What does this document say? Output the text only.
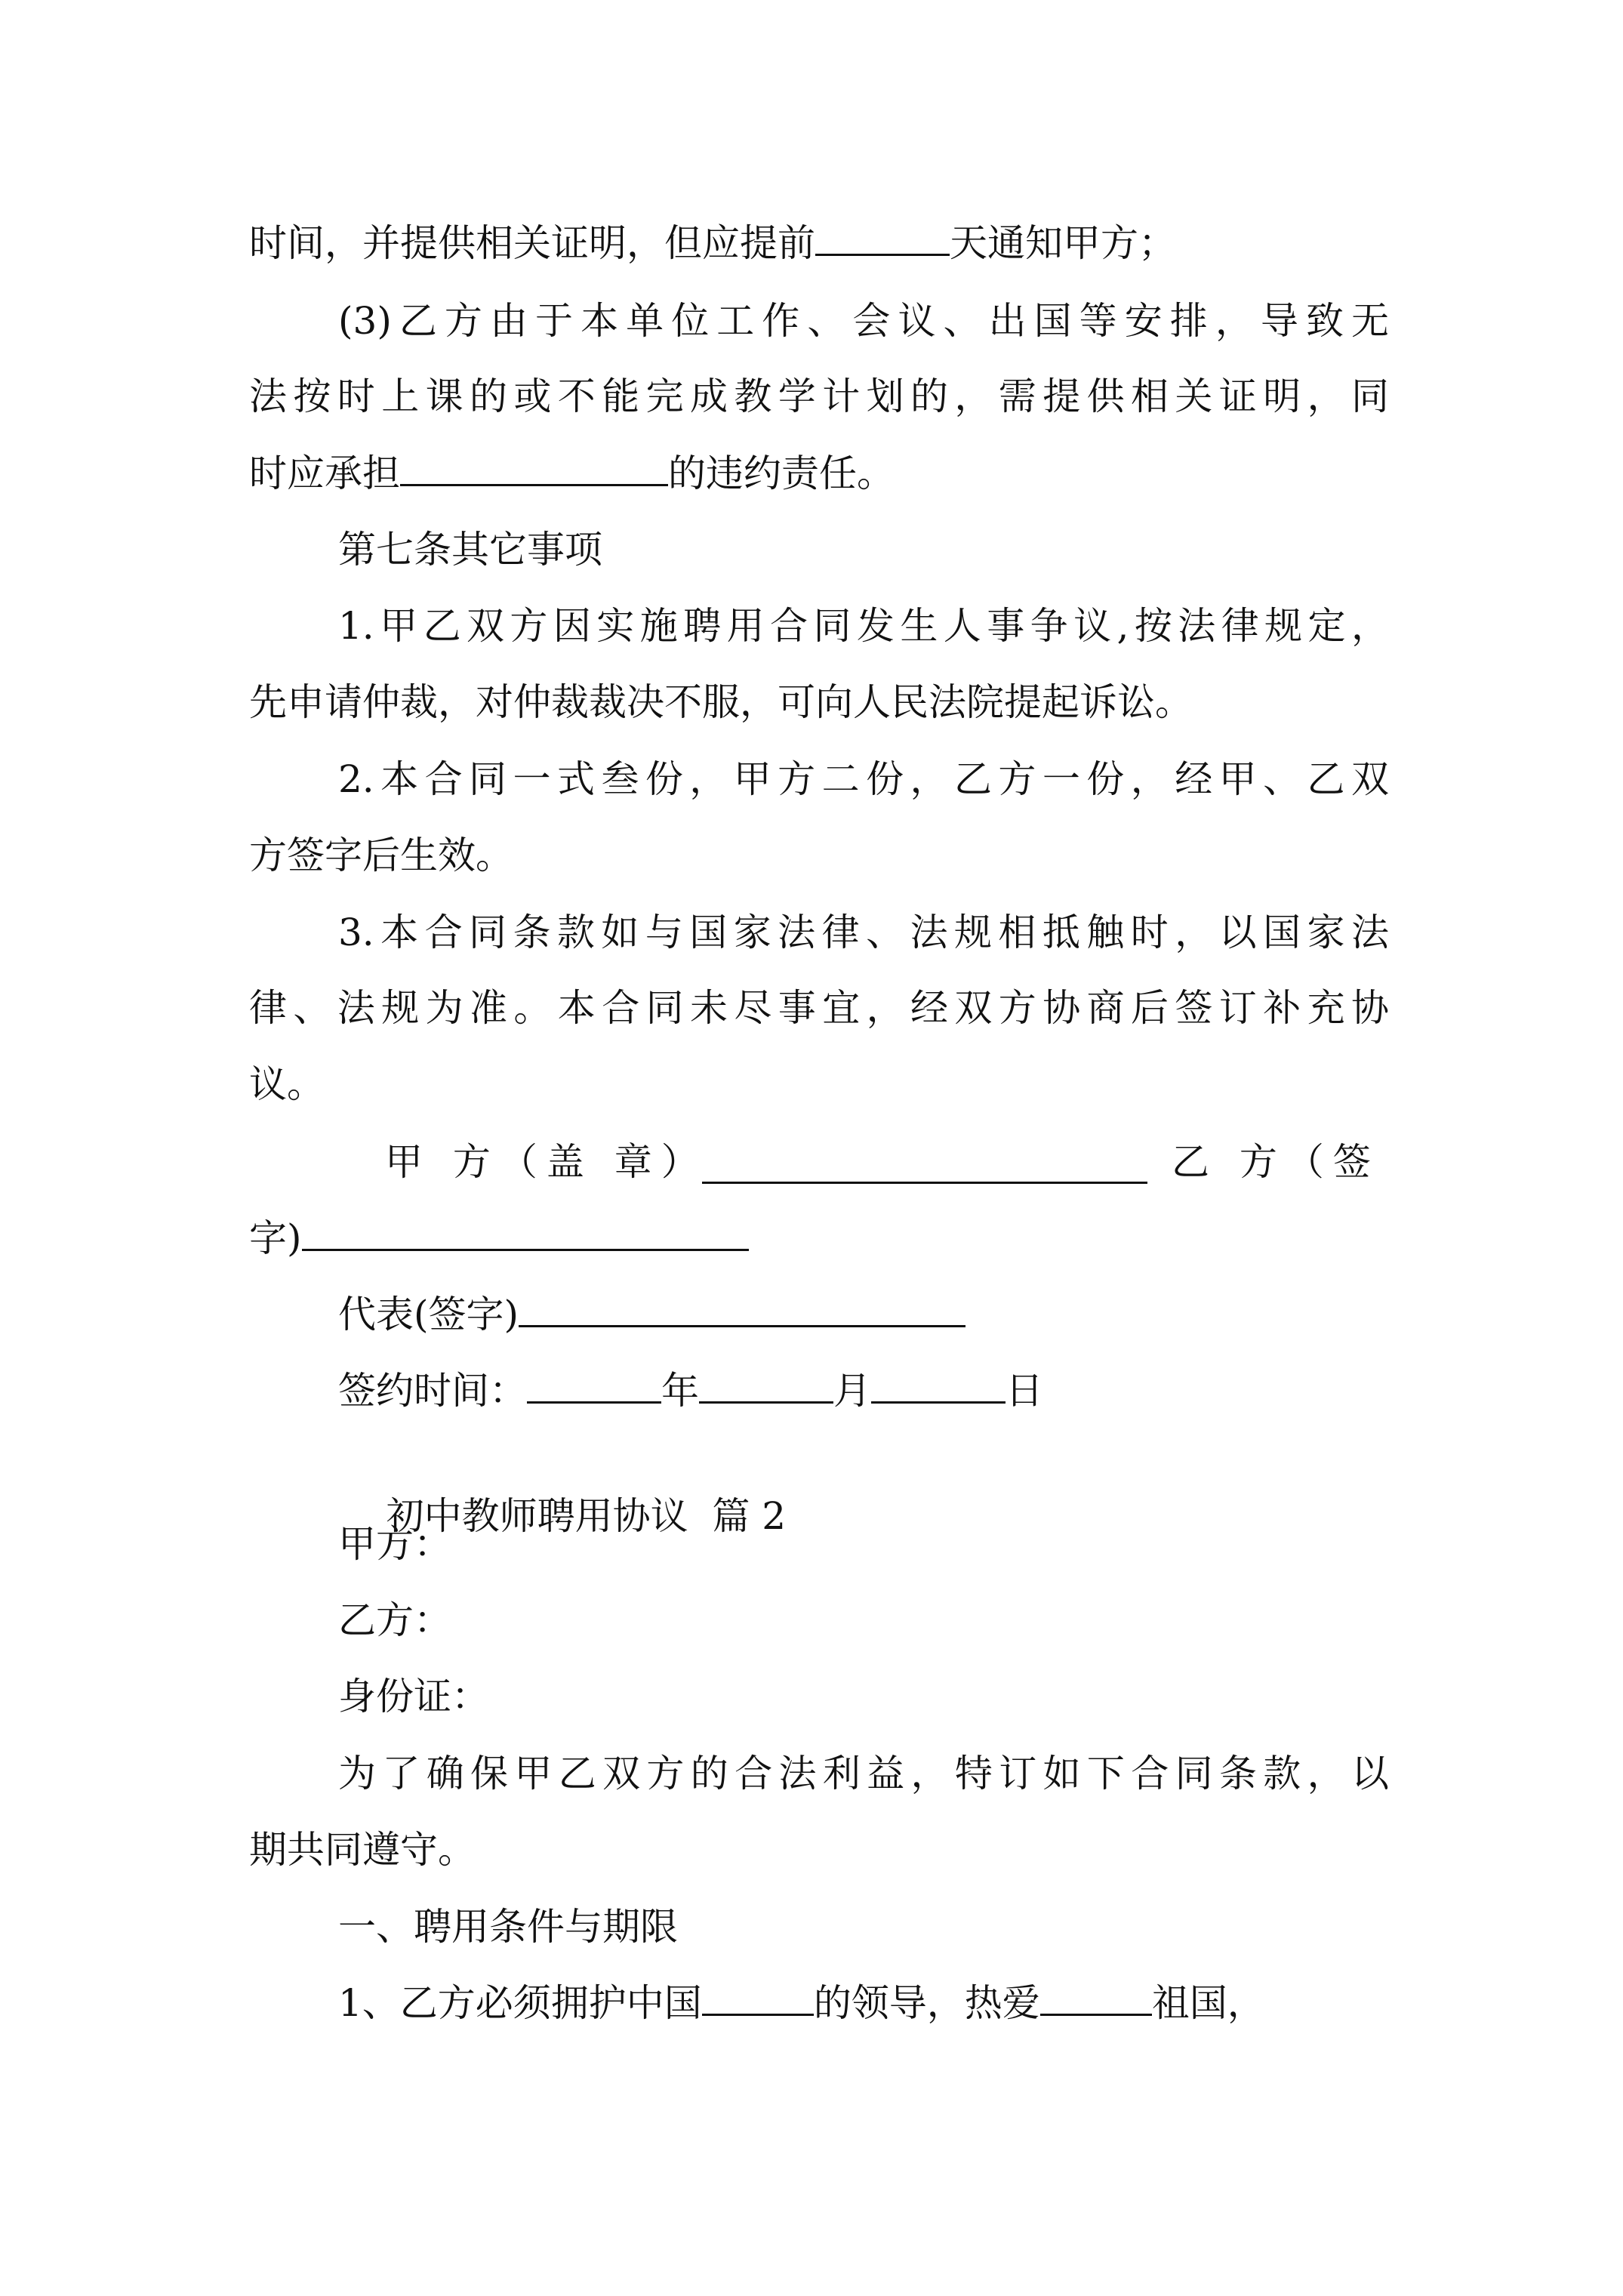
时间，并提供相关证明，但应提前	天通知甲方；
(3)乙方由于本单位工作、会议、出国等安排，导致无
法按时上课的或不能完成教学计划的，需提供相关证明，同
时应承担	的违约责任。
第七条其它事项
1.甲乙双方因实施聘用合同发生人事争议,按法律规定，
先申请仲裁，对仲裁裁决不服，可向人民法院提起诉讼。
2.本合同一式叁份，甲方二份，乙方一份，经甲、乙双
方签字后生效。
3.本合同条款如与国家法律、法规相抵触时，以国家法
律、法规为准。本合同未尽事宜，经双方协商后签订补充协
议。
甲 方（盖 章）	乙 方（签
字)
代表(签字)
签约时间：	年	月	日

初中教师聘用协议  篇 2

甲方：
乙方：
身份证：
为了确保甲乙双方的合法利益，特订如下合同条款，以
期共同遵守。
一、聘用条件与期限
1、乙方必须拥护中国	的领导，热爱	祖国，
